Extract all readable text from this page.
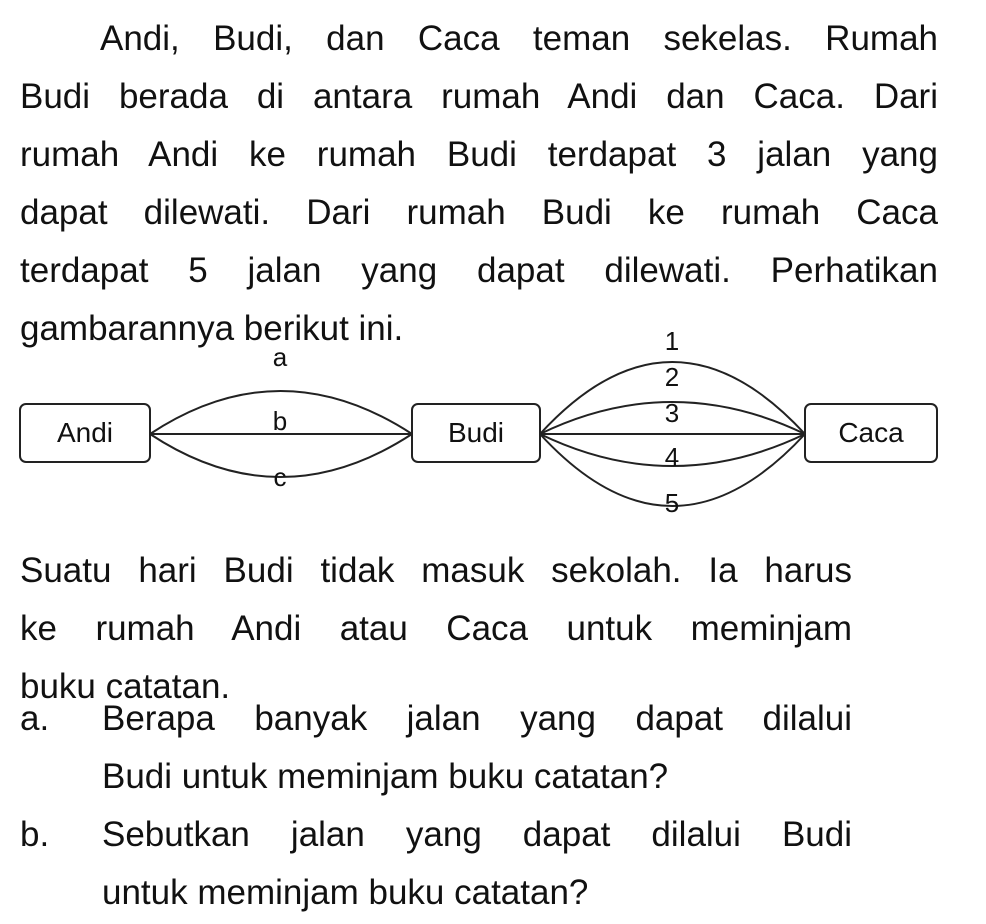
Andi, Budi, dan Caca teman sekelas. Rumah

Budi berada di antara rumah Andi dan Caca. Dari

rumah Andi ke rumah Budi terdapat 3 jalan yang

dapat dilewati. Dari rumah Budi ke rumah Caca

terdapat 5 jalan yang dapat dilewati. Perhatikan

gambarannya berikut ini.

a
b
c
1
2
3
4
5
Andi	Budi	Caca

Suatu hari Budi tidak masuk sekolah. Ia harus

ke rumah Andi atau Caca untuk meminjam

buku catatan.

a. Berapa banyak jalan yang dapat dilalui

Budi untuk meminjam buku catatan?

b. Sebutkan jalan yang dapat dilalui Budi

untuk meminjam buku catatan?
